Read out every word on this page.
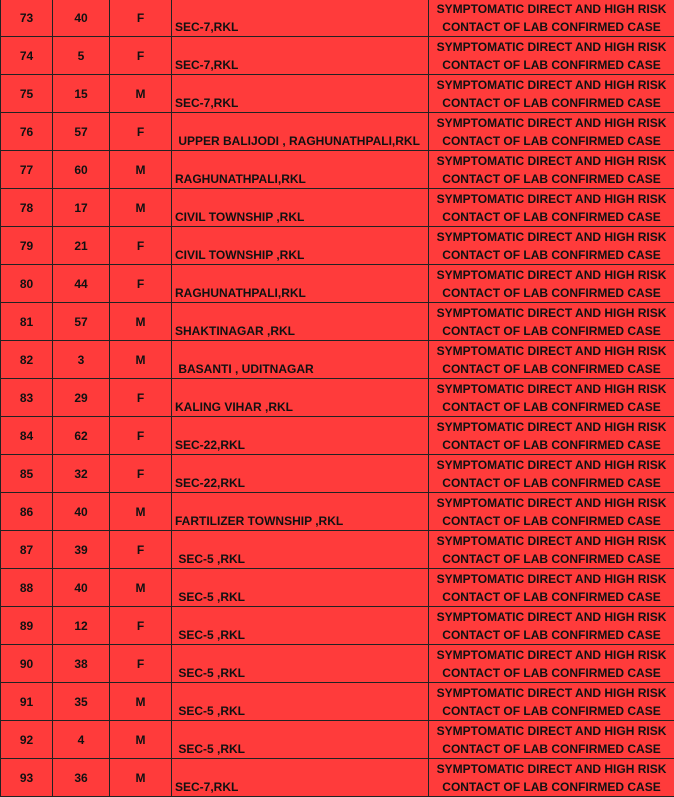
73	40	F	SEC-7,RKL	SYMPTOMATIC DIRECT AND HIGH RISK
CONTACT OF LAB CONFIRMED CASE

74	5	F	SEC-7,RKL	SYMPTOMATIC DIRECT AND HIGH RISK
CONTACT OF LAB CONFIRMED CASE

75	15	M	SEC-7,RKL	SYMPTOMATIC DIRECT AND HIGH RISK
CONTACT OF LAB CONFIRMED CASE

76	57	F	UPPER BALIJODI , RAGHUNATHPALI,RKL	SYMPTOMATIC DIRECT AND HIGH RISK
CONTACT OF LAB CONFIRMED CASE

77	60	M	RAGHUNATHPALI,RKL	SYMPTOMATIC DIRECT AND HIGH RISK
CONTACT OF LAB CONFIRMED CASE

78	17	M	CIVIL TOWNSHIP ,RKL	SYMPTOMATIC DIRECT AND HIGH RISK
CONTACT OF LAB CONFIRMED CASE

79	21	F	CIVIL TOWNSHIP ,RKL	SYMPTOMATIC DIRECT AND HIGH RISK
CONTACT OF LAB CONFIRMED CASE

80	44	F	RAGHUNATHPALI,RKL	SYMPTOMATIC DIRECT AND HIGH RISK
CONTACT OF LAB CONFIRMED CASE

81	57	M	SHAKTINAGAR ,RKL	SYMPTOMATIC DIRECT AND HIGH RISK
CONTACT OF LAB CONFIRMED CASE

82	3	M	BASANTI , UDITNAGAR	SYMPTOMATIC DIRECT AND HIGH RISK
CONTACT OF LAB CONFIRMED CASE

83	29	F	KALING VIHAR ,RKL	SYMPTOMATIC DIRECT AND HIGH RISK
CONTACT OF LAB CONFIRMED CASE

84	62	F	SEC-22,RKL	SYMPTOMATIC DIRECT AND HIGH RISK
CONTACT OF LAB CONFIRMED CASE

85	32	F	SEC-22,RKL	SYMPTOMATIC DIRECT AND HIGH RISK
CONTACT OF LAB CONFIRMED CASE

86	40	M	FARTILIZER TOWNSHIP ,RKL	SYMPTOMATIC DIRECT AND HIGH RISK
CONTACT OF LAB CONFIRMED CASE

87	39	F	SEC-5 ,RKL	SYMPTOMATIC DIRECT AND HIGH RISK
CONTACT OF LAB CONFIRMED CASE

88	40	M	SEC-5 ,RKL	SYMPTOMATIC DIRECT AND HIGH RISK
CONTACT OF LAB CONFIRMED CASE

89	12	F	SEC-5 ,RKL	SYMPTOMATIC DIRECT AND HIGH RISK
CONTACT OF LAB CONFIRMED CASE

90	38	F	SEC-5 ,RKL	SYMPTOMATIC DIRECT AND HIGH RISK
CONTACT OF LAB CONFIRMED CASE

91	35	M	SEC-5 ,RKL	SYMPTOMATIC DIRECT AND HIGH RISK
CONTACT OF LAB CONFIRMED CASE

92	4	M	SEC-5 ,RKL	SYMPTOMATIC DIRECT AND HIGH RISK
CONTACT OF LAB CONFIRMED CASE

93	36	M	SEC-7,RKL	SYMPTOMATIC DIRECT AND HIGH RISK
CONTACT OF LAB CONFIRMED CASE
